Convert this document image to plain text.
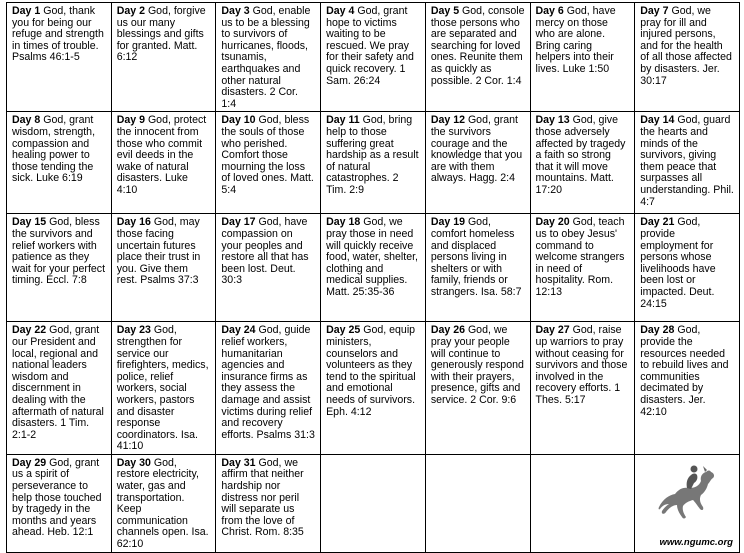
Day 1 God, thank you for being our refuge and strength in times of trouble. Psalms 46:1-5	Day 2 God, forgive us our many blessings and gifts for granted. Matt. 6:12	Day 3 God, enable us to be a blessing to survivors of hurricanes, floods, tsunamis, earthquakes and other natural disasters. 2 Cor. 1:4	Day 4 God, grant hope to victims waiting to be rescued. We pray for their safety and quick recovery. 1 Sam. 26:24	Day 5 God, console those persons who are separated and searching for loved ones. Reunite them as quickly as possible. 2 Cor. 1:4	Day 6 God, have mercy on those who are alone. Bring caring helpers into their lives. Luke 1:50	Day 7 God, we pray for ill and injured persons, and for the health of all those affected by disasters. Jer. 30:17
Day 8 God, grant wisdom, strength, compassion and healing power to those tending the sick. Luke 6:19	Day 9 God, protect the innocent from those who commit evil deeds in the wake of natural disasters. Luke 4:10	Day 10 God, bless the souls of those who perished. Comfort those mourning the loss of loved ones. Matt. 5:4	Day 11 God, bring help to those suffering great hardship as a result of natural catastrophes. 2 Tim. 2:9	Day 12 God, grant the survivors courage and the knowledge that you are with them always. Hagg. 2:4	Day 13 God, give those adversely affected by tragedy a faith so strong that it will move mountains. Matt. 17:20	Day 14 God, guard the hearts and minds of the survivors, giving them peace that surpasses all understanding. Phil. 4:7
Day 15 God, bless the survivors and relief workers with patience as they wait for your perfect timing. Eccl. 7:8	Day 16 God, may those facing uncertain futures place their trust in you. Give them rest. Psalms 37:3	Day 17 God, have compassion on your peoples and restore all that has been lost. Deut. 30:3	Day 18 God, we pray those in need will quickly receive food, water, shelter, clothing and medical supplies. Matt. 25:35-36	Day 19 God, comfort homeless and displaced persons living in shelters or with family, friends or strangers. Isa. 58:7	Day 20 God, teach us to obey Jesus' command to welcome strangers in need of hospitality. Rom. 12:13	Day 21 God, provide employment for persons whose livelihoods have been lost or impacted. Deut. 24:15
Day 22 God, grant our President and local, regional and national leaders wisdom and discernment in dealing with the aftermath of natural disasters. 1 Tim. 2:1-2	Day 23 God, strengthen for service our firefighters, medics, police, relief workers, social workers, pastors and disaster response coordinators. Isa. 41:10	Day 24 God, guide relief workers, humanitarian agencies and insurance firms as they assess the damage and assist victims during relief and recovery efforts. Psalms 31:3	Day 25 God, equip ministers, counselors and volunteers as they tend to the spiritual and emotional needs of survivors. Eph. 4:12	Day 26 God, we pray your people will continue to generously respond with their prayers, presence, gifts and service. 2 Cor. 9:6	Day 27 God, raise up warriors to pray without ceasing for survivors and those involved in the recovery efforts. 1 Thes. 5:17	Day 28 God, provide the resources needed to rebuild lives and communities decimated by disasters. Jer. 42:10
Day 29 God, grant us a spirit of perseverance to help those touched by tragedy in the months and years ahead. Heb. 12:1	Day 30 God, restore electricity, water, gas and transportation. Keep communication channels open. Isa. 62:10	Day 31 God, we affirm that neither hardship nor distress nor peril will separate us from the love of Christ. Rom. 8:35				www.ngumc.org
